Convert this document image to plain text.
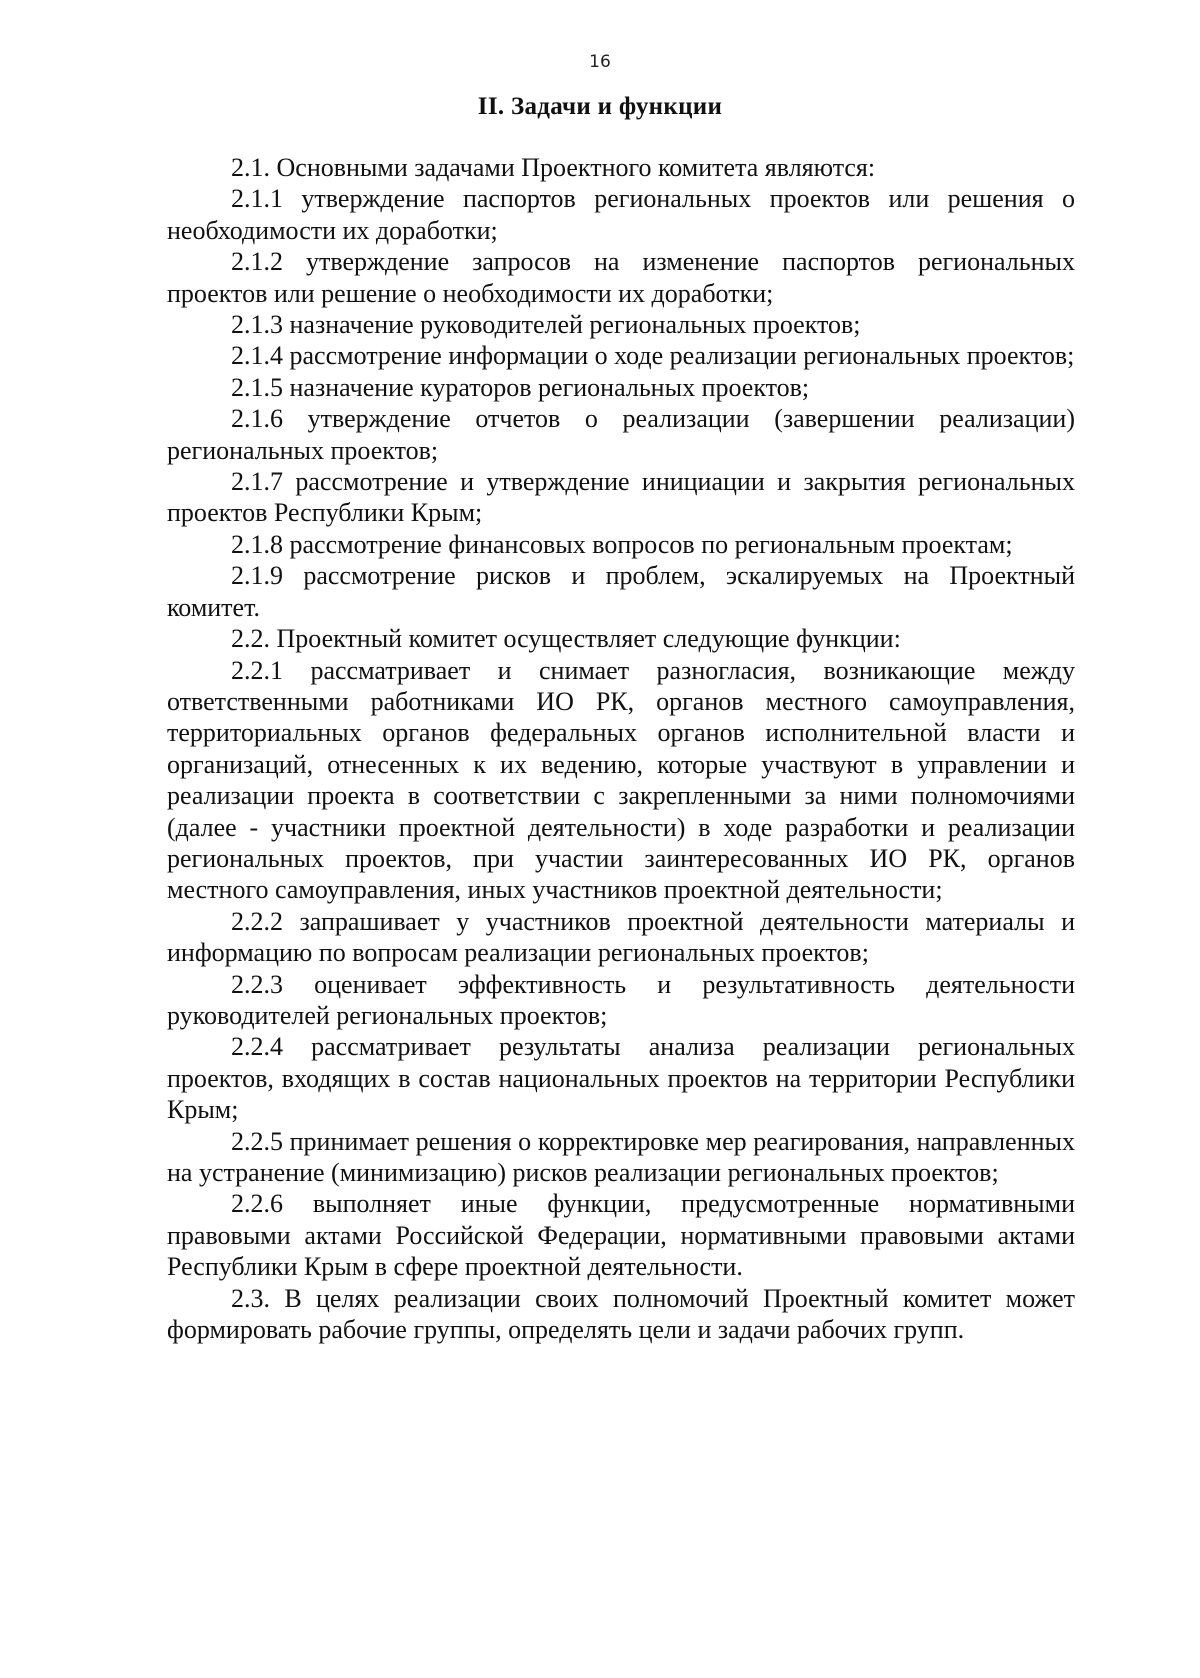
16
II. Задачи и функции

2.1. Основными задачами Проектного комитета являются:

2.1.1 утверждение паспортов региональных проектов или решения о необходимости их доработки;

2.1.2 утверждение запросов на изменение паспортов региональных проектов или решение о необходимости их доработки;

2.1.3 назначение руководителей региональных проектов;

2.1.4 рассмотрение информации о ходе реализации региональных проектов;

2.1.5 назначение кураторов региональных проектов;

2.1.6 утверждение отчетов о реализации (завершении реализации) региональных проектов;

2.1.7 рассмотрение и утверждение инициации и закрытия региональных проектов Республики Крым;

2.1.8 рассмотрение финансовых вопросов по региональным проектам;

2.1.9 рассмотрение рисков и проблем, эскалируемых на Проектный комитет.

2.2. Проектный комитет осуществляет следующие функции:

2.2.1 рассматривает и снимает разногласия, возникающие между ответственными работниками ИО РК, органов местного самоуправления, территориальных органов федеральных органов исполнительной власти и организаций, отнесенных к их ведению, которые участвуют в управлении и реализации проекта в соответствии с закрепленными за ними полномочиями (далее - участники проектной деятельности) в ходе разработки и реализации региональных проектов, при участии заинтересованных ИО РК, органов местного самоуправления, иных участников проектной деятельности;

2.2.2 запрашивает у участников проектной деятельности материалы и информацию по вопросам реализации региональных проектов;

2.2.3 оценивает эффективность и результативность деятельности руководителей региональных проектов;

2.2.4 рассматривает результаты анализа реализации региональных проектов, входящих в состав национальных проектов на территории Республики Крым;

2.2.5 принимает решения о корректировке мер реагирования, направленных на устранение (минимизацию) рисков реализации региональных проектов;

2.2.6 выполняет иные функции, предусмотренные нормативными правовыми актами Российской Федерации, нормативными правовыми актами Республики Крым в сфере проектной деятельности.

2.3. В целях реализации своих полномочий Проектный комитет может формировать рабочие группы, определять цели и задачи рабочих групп.
